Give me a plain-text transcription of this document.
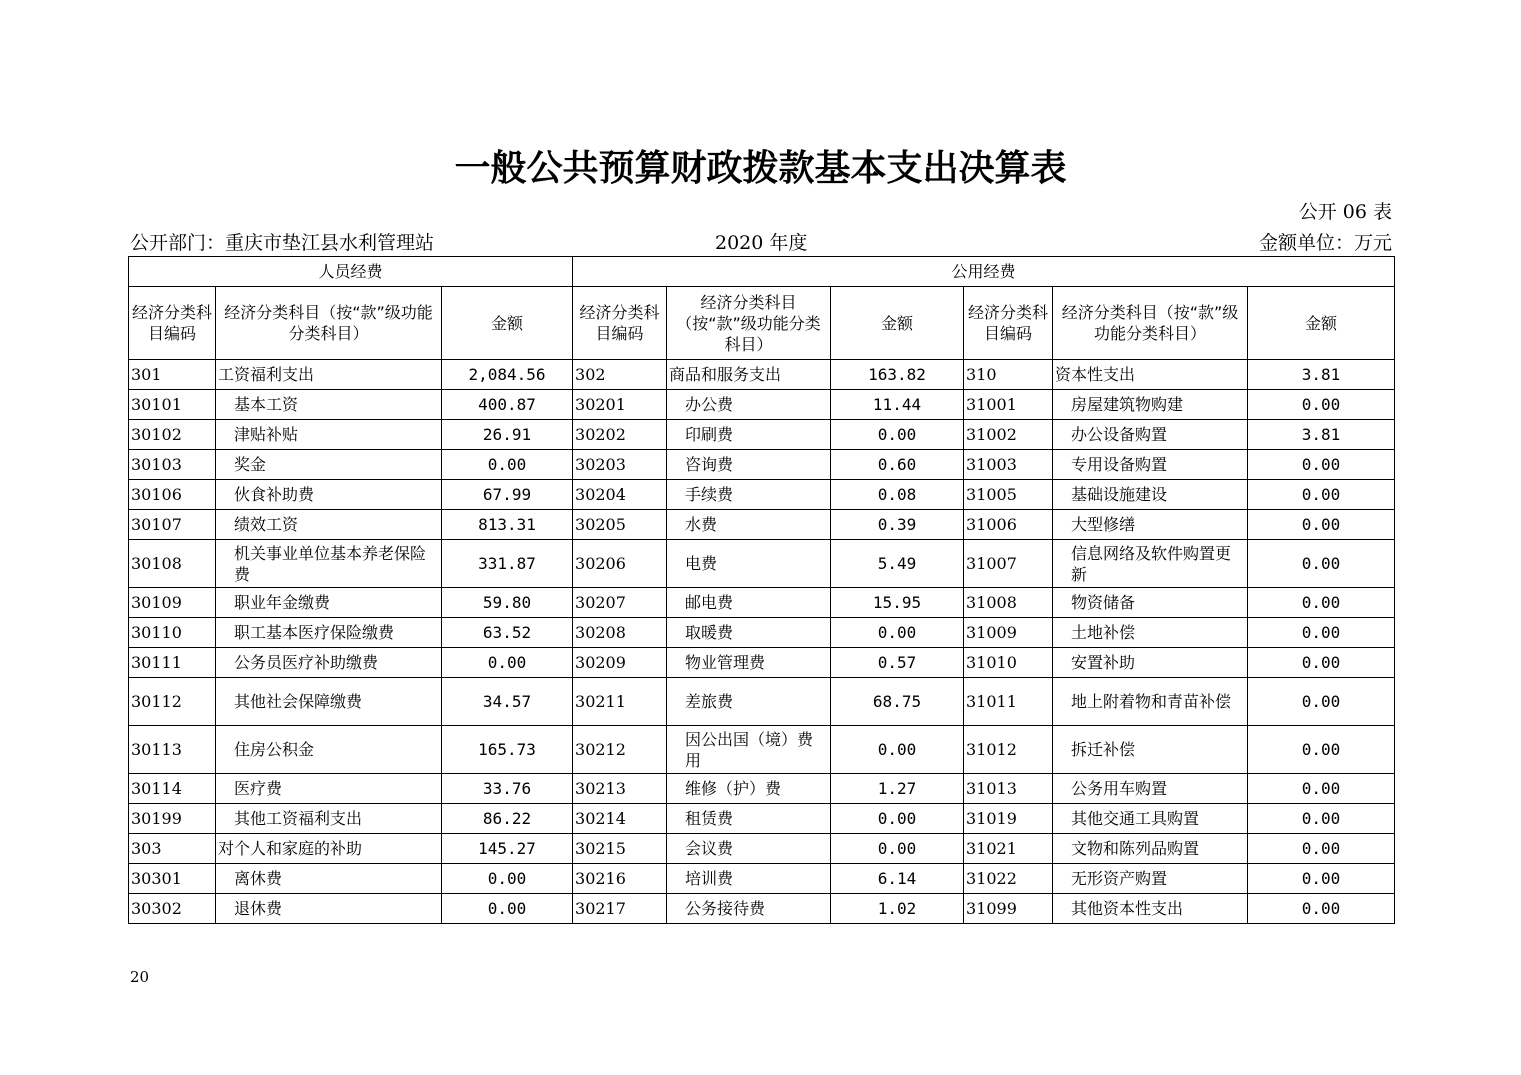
一般公共预算财政拨款基本支出决算表
公开 06 表
公开部门：重庆市垫江县水利管理站	2020 年度	金额单位：万元
人员经费			公用经费					
经济分类科目编码	经济分类科目（按“款”级功能分类科目）	金额	经济分类科目编码	经济分类科目（按“款”级功能分类科目）	金额	经济分类科目编码	经济分类科目（按“款”级功能分类科目）	金额
301	工资福利支出	2,084.56	302	商品和服务支出	163.82	310	资本性支出	3.81
30101	基本工资	400.87	30201	办公费	11.44	31001	房屋建筑物购建	0.00
30102	津贴补贴	26.91	30202	印刷费	0.00	31002	办公设备购置	3.81
30103	奖金	0.00	30203	咨询费	0.60	31003	专用设备购置	0.00
30106	伙食补助费	67.99	30204	手续费	0.08	31005	基础设施建设	0.00
30107	绩效工资	813.31	30205	水费	0.39	31006	大型修缮	0.00
30108	机关事业单位基本养老保险费	331.87	30206	电费	5.49	31007	信息网络及软件购置更新	0.00
30109	职业年金缴费	59.80	30207	邮电费	15.95	31008	物资储备	0.00
30110	职工基本医疗保险缴费	63.52	30208	取暖费	0.00	31009	土地补偿	0.00
30111	公务员医疗补助缴费	0.00	30209	物业管理费	0.57	31010	安置补助	0.00
30112	其他社会保障缴费	34.57	30211	差旅费	68.75	31011	地上附着物和青苗补偿	0.00
30113	住房公积金	165.73	30212	因公出国（境）费用	0.00	31012	拆迁补偿	0.00
30114	医疗费	33.76	30213	维修（护）费	1.27	31013	公务用车购置	0.00
30199	其他工资福利支出	86.22	30214	租赁费	0.00	31019	其他交通工具购置	0.00
303	对个人和家庭的补助	145.27	30215	会议费	0.00	31021	文物和陈列品购置	0.00
30301	离休费	0.00	30216	培训费	6.14	31022	无形资产购置	0.00
30302	退休费	0.00	30217	公务接待费	1.02	31099	其他资本性支出	0.00
20
